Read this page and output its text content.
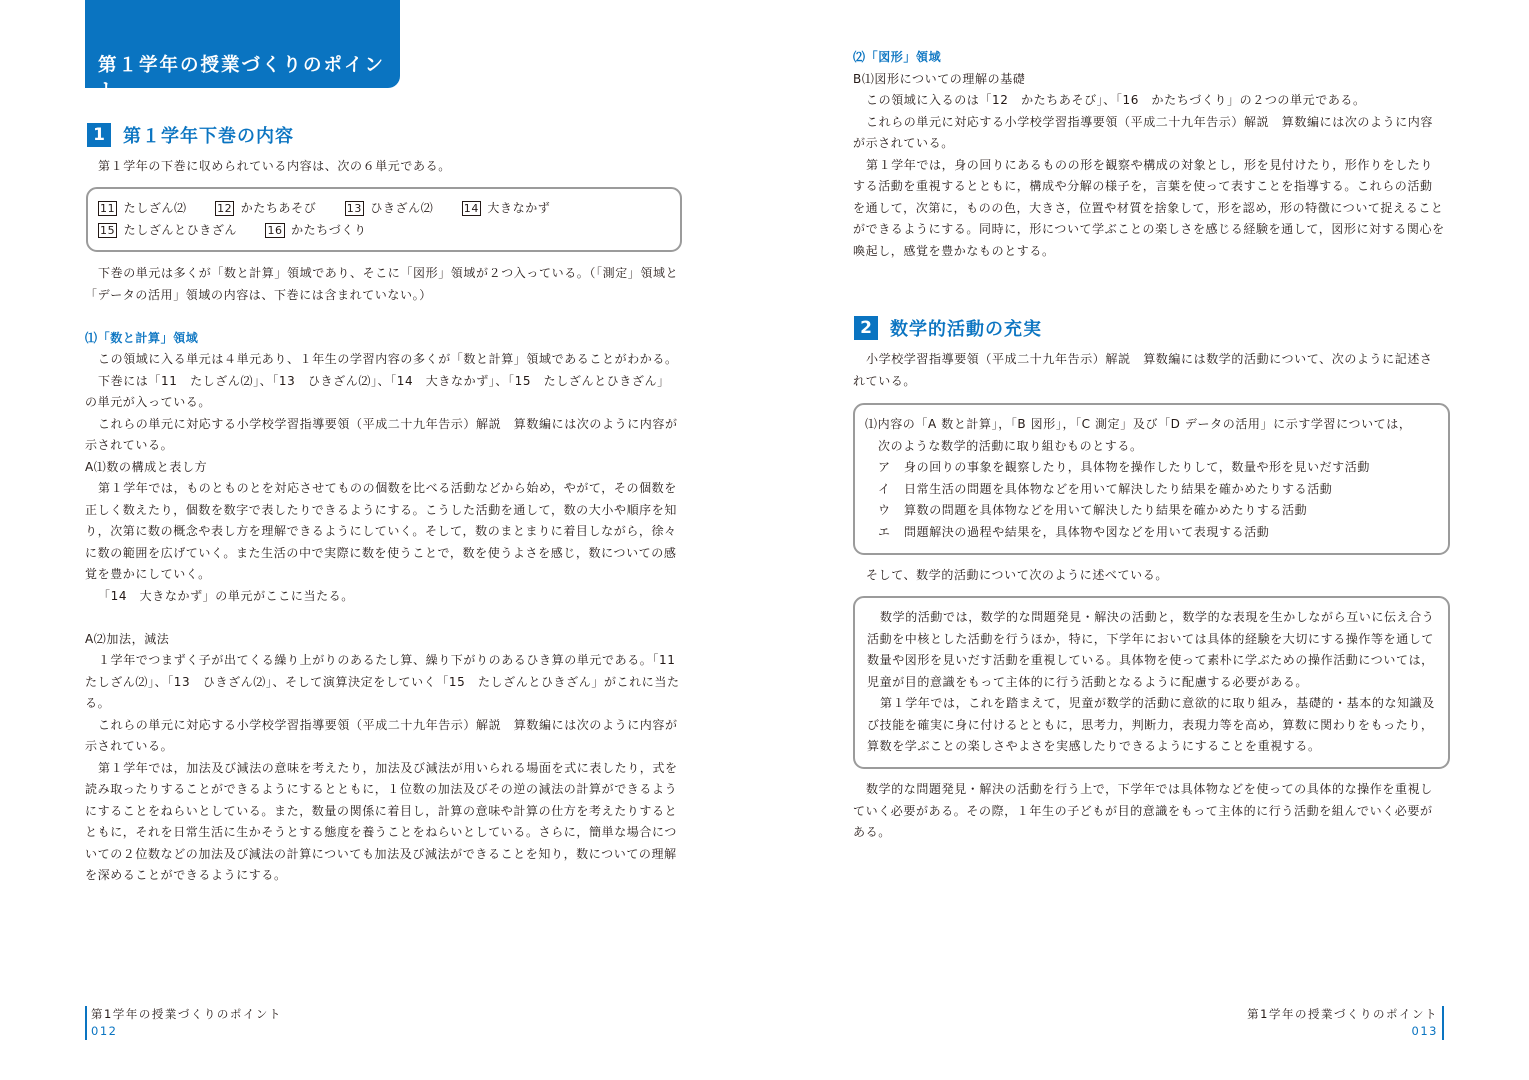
第１学年の授業づくりのポイント
1	第１学年下巻の内容

第１学年の下巻に収められている内容は、次の６単元である。

11 たしざん⑵	12 かたちあそび	13 ひきざん⑵	14 大きなかず

15 たしざんとひきざん	16 かたちづくり

下巻の単元は多くが「数と計算」領域であり、そこに「図形」領域が２つ入っている。（「測定」領域と「データの活用」領域の内容は、下巻には含まれていない。）

⑴「数と計算」領域

この領域に入る単元は４単元あり、１年生の学習内容の多くが「数と計算」領域であることがわかる。

下巻には「11　たしざん⑵」、「13　ひきざん⑵」、「14　大きなかず」、「15　たしざんとひきざん」の単元が入っている。

これらの単元に対応する小学校学習指導要領（平成二十九年告示）解説　算数編には次のように内容が示されている。

A⑴数の構成と表し方

第１学年では，ものとものとを対応させてものの個数を比べる活動などから始め，やがて，その個数を正しく数えたり，個数を数字で表したりできるようにする。こうした活動を通して，数の大小や順序を知り，次第に数の概念や表し方を理解できるようにしていく。そして，数のまとまりに着目しながら，徐々に数の範囲を広げていく。また生活の中で実際に数を使うことで，数を使うよさを感じ，数についての感覚を豊かにしていく。

「14　大きなかず」の単元がここに当たる。

A⑵加法，減法

１学年でつまずく子が出てくる繰り上がりのあるたし算、繰り下がりのあるひき算の単元である。「11　たしざん⑵」、「13　ひきざん⑵」、そして演算決定をしていく「15　たしざんとひきざん」がこれに当たる。

これらの単元に対応する小学校学習指導要領（平成二十九年告示）解説　算数編には次のように内容が示されている。

第１学年では，加法及び減法の意味を考えたり，加法及び減法が用いられる場面を式に表したり，式を読み取ったりすることができるようにするとともに，１位数の加法及びその逆の減法の計算ができるようにすることをねらいとしている。また，数量の関係に着目し，計算の意味や計算の仕方を考えたりするとともに，それを日常生活に生かそうとする態度を養うことをねらいとしている。さらに，簡単な場合についての２位数などの加法及び減法の計算についても加法及び減法ができることを知り，数についての理解を深めることができるようにする。

第1学年の授業づくりのポイント
012

⑵「図形」領域

B⑴図形についての理解の基礎

この領域に入るのは「12　かたちあそび」、「16　かたちづくり」の２つの単元である。

これらの単元に対応する小学校学習指導要領（平成二十九年告示）解説　算数編には次のように内容が示されている。

第１学年では，身の回りにあるものの形を観察や構成の対象とし，形を見付けたり，形作りをしたりする活動を重視するとともに，構成や分解の様子を，言葉を使って表すことを指導する。これらの活動を通して，次第に，ものの色，大きさ，位置や材質を捨象して，形を認め，形の特徴について捉えることができるようにする。同時に，形について学ぶことの楽しさを感じる経験を通して，図形に対する関心を喚起し，感覚を豊かなものとする。

2	数学的活動の充実

小学校学習指導要領（平成二十九年告示）解説　算数編には数学的活動について、次のように記述されている。

⑴内容の「A 数と計算」，「B 図形」，「C 測定」及び「D データの活用」に示す学習については，

次のような数学的活動に取り組むものとする。

ア	身の回りの事象を観察したり，具体物を操作したりして，数量や形を見いだす活動
イ	日常生活の問題を具体物などを用いて解決したり結果を確かめたりする活動
ウ	算数の問題を具体物などを用いて解決したり結果を確かめたりする活動
エ	問題解決の過程や結果を，具体物や図などを用いて表現する活動

そして、数学的活動について次のように述べている。

数学的活動では，数学的な問題発見・解決の活動と，数学的な表現を生かしながら互いに伝え合う活動を中核とした活動を行うほか，特に，下学年においては具体的経験を大切にする操作等を通して数量や図形を見いだす活動を重視している。具体物を使って素朴に学ぶための操作活動については，児童が目的意識をもって主体的に行う活動となるように配慮する必要がある。

第１学年では，これを踏まえて，児童が数学的活動に意欲的に取り組み，基礎的・基本的な知識及び技能を確実に身に付けるとともに，思考力，判断力，表現力等を高め，算数に関わりをもったり，算数を学ぶことの楽しさやよさを実感したりできるようにすることを重視する。

数学的な問題発見・解決の活動を行う上で，下学年では具体物などを使っての具体的な操作を重視していく必要がある。その際，１年生の子どもが目的意識をもって主体的に行う活動を組んでいく必要がある。

第1学年の授業づくりのポイント
013
